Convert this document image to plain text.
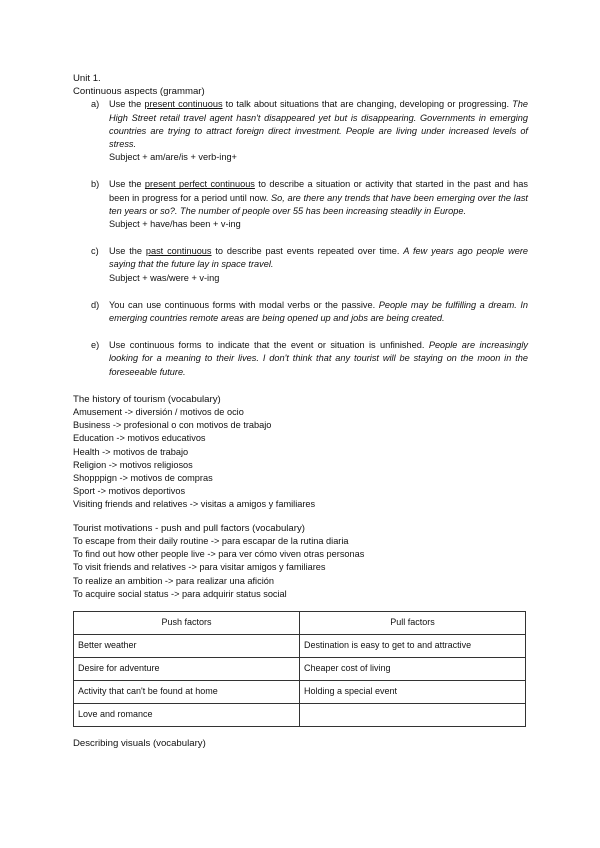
Unit 1.
Continuous aspects (grammar)
a) Use the present continuous to talk about situations that are changing, developing or progressing. The High Street retail travel agent hasn't disappeared yet but is disappearing. Governments in emerging countries are trying to attract foreign direct investment. People are living under increased levels of stress.
Subject + am/are/is + verb-ing+
b) Use the present perfect continuous to describe a situation or activity that started in the past and has been in progress for a period until now. So, are there any trends that have been emerging over the last ten years or so?. The number of people over 55 has been increasing steadily in Europe.
Subject + have/has been + v-ing
c) Use the past continuous to describe past events repeated over time. A few years ago people were saying that the future lay in space travel.
Subject + was/were + v-ing
d) You can use continuous forms with modal verbs or the passive. People may be fulfilling a dream. In emerging countries remote areas are being opened up and jobs are being created.
e) Use continuous forms to indicate that the event or situation is unfinished. People are increasingly looking for a meaning to their lives. I don't think that any tourist will be staying on the moon in the foreseeable future.
The history of tourism (vocabulary)
Amusement -> diversión / motivos de ocio
Business -> profesional o con motivos de trabajo
Education -> motivos educativos
Health -> motivos de trabajo
Religion -> motivos religiosos
Shopppign -> motivos de compras
Sport -> motivos deportivos
Visiting friends and relatives -> visitas a amigos y familiares
Tourist motivations - push and pull factors (vocabulary)
To escape from their daily routine -> para escapar de la rutina diaria
To find out how other people live -> para ver cómo viven otras personas
To visit friends and relatives -> para visitar amigos y familiares
To realize an ambition -> para realizar una afición
To acquire social status -> para adquirir status social
Push factors	Pull factors
Better weather	Destination is easy to get to and attractive
Desire for adventure	Cheaper cost of living
Activity that can't be found at home	Holding a special event
Love and romance	
Describing visuals (vocabulary)
